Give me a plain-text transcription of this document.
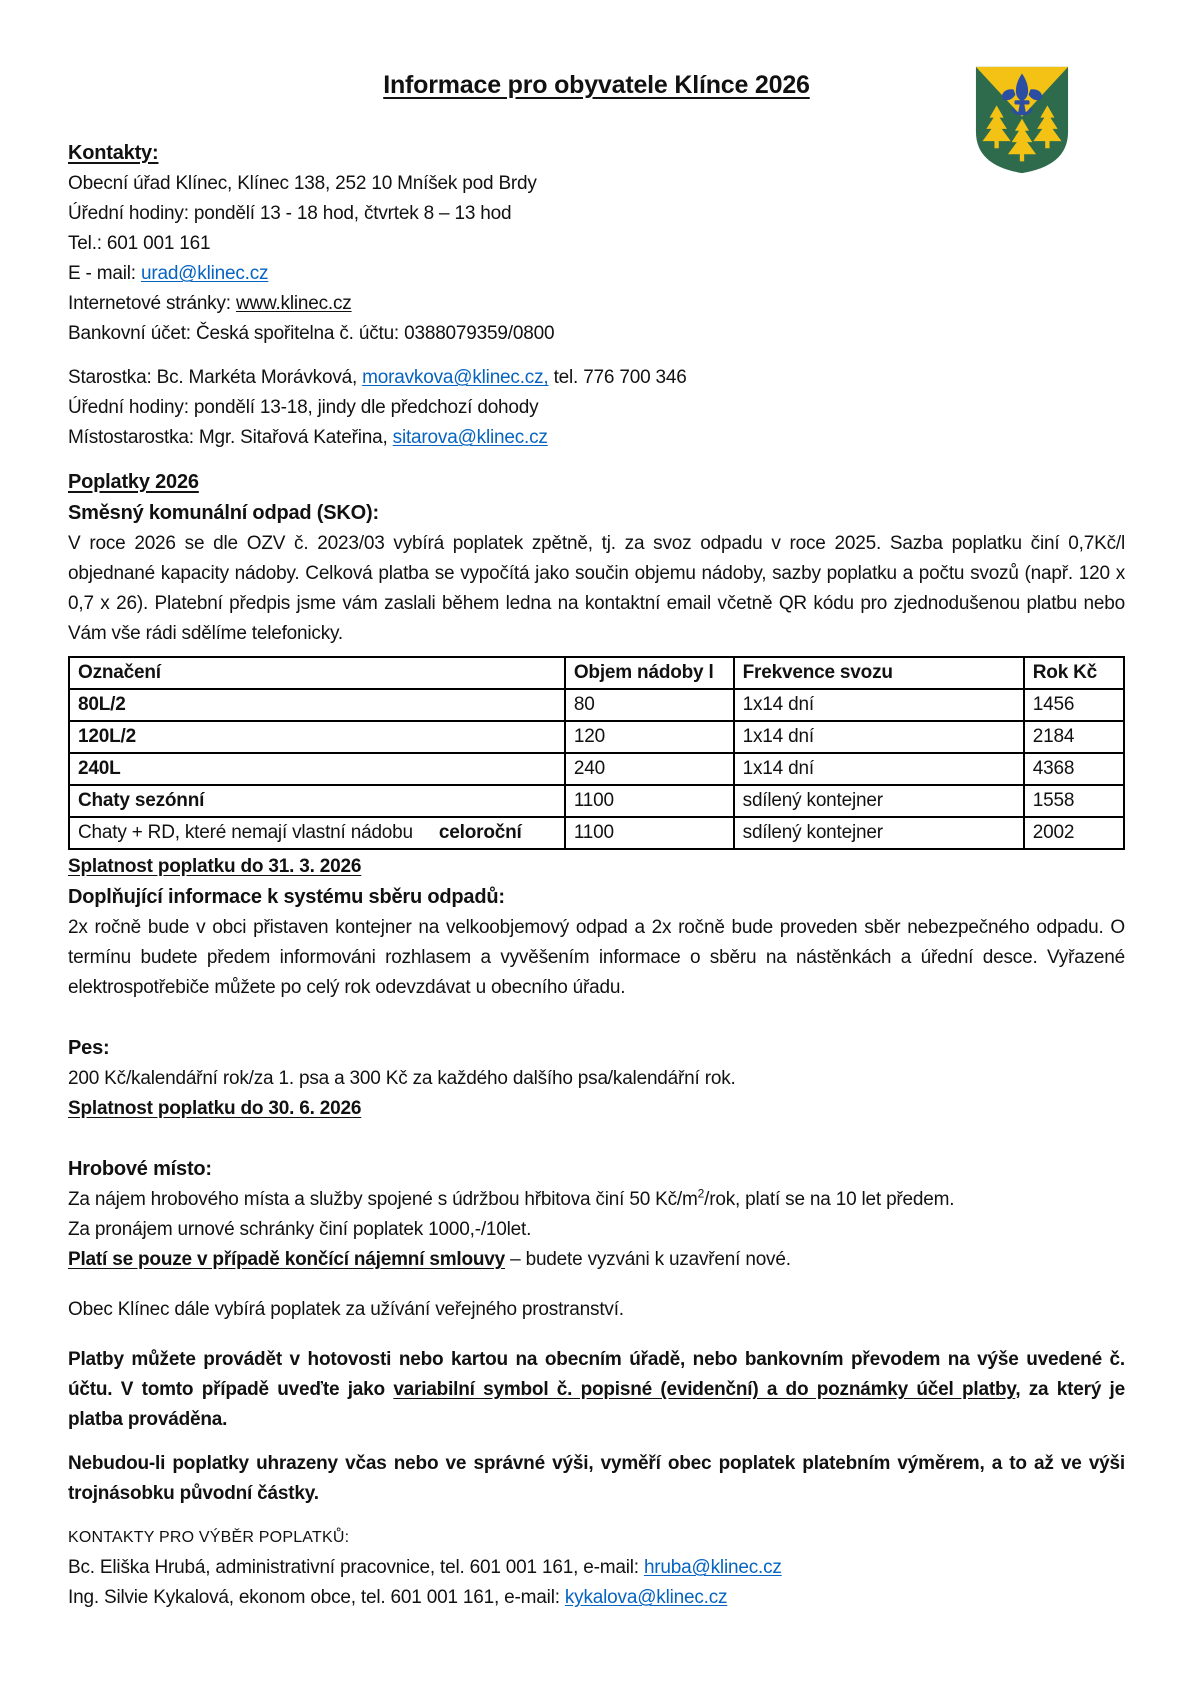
Informace pro obyvatele Klínce 2026

Kontakty:

Obecní úřad Klínec, Klínec 138, 252 10 Mníšek pod Brdy

Úřední hodiny: pondělí 13 - 18 hod, čtvrtek 8 – 13 hod

Tel.: 601 001 161

E - mail: urad@klinec.cz

Internetové stránky: www.klinec.cz

Bankovní účet: Česká spořitelna č. účtu: 0388079359/0800

Starostka: Bc. Markéta Morávková, moravkova@klinec.cz, tel. 776 700 346

Úřední hodiny: pondělí 13-18, jindy dle předchozí dohody

Místostarostka: Mgr. Sitařová Kateřina, sitarova@klinec.cz

Poplatky 2026

Směsný komunální odpad (SKO):

V roce 2026 se dle OZV č. 2023/03 vybírá poplatek zpětně, tj. za svoz odpadu v roce 2025. Sazba poplatku činí 0,7Kč/l objednané kapacity nádoby. Celková platba se vypočítá jako součin objemu nádoby, sazby poplatku a počtu svozů (např. 120 x 0,7 x 26). Platební předpis jsme vám zaslali během ledna na kontaktní email včetně QR kódu pro zjednodušenou platbu nebo Vám vše rádi sdělíme telefonicky.

Označení	Objem nádoby l	Frekvence svozu	Rok Kč
80L/2	80	1x14 dní	1456
120L/2	120	1x14 dní	2184
240L	240	1x14 dní	4368
Chaty sezónní	1100	sdílený kontejner	1558
Chaty + RD, které nemají vlastní nádobu celoroční	1100	sdílený kontejner	2002

Splatnost poplatku do 31. 3. 2026

Doplňující informace k systému sběru odpadů:

2x ročně bude v obci přistaven kontejner na velkoobjemový odpad a 2x ročně bude proveden sběr nebezpečného odpadu. O termínu budete předem informováni rozhlasem a vyvěšením informace o sběru na nástěnkách a úřední desce. Vyřazené elektrospotřebiče můžete po celý rok odevzdávat u obecního úřadu.

Pes:

200 Kč/kalendářní rok/za 1. psa a 300 Kč za každého dalšího psa/kalendářní rok.

Splatnost poplatku do 30. 6. 2026

Hrobové místo:

Za nájem hrobového místa a služby spojené s údržbou hřbitova činí 50 $Kč/m^2$/rok, platí se na 10 let předem.

Za pronájem urnové schránky činí poplatek 1000,-/10let.

Platí se pouze v případě končící nájemní smlouvy – budete vyzváni k uzavření nové.

Obec Klínec dále vybírá poplatek za užívání veřejného prostranství.

Platby můžete provádět v hotovosti nebo kartou na obecním úřadě, nebo bankovním převodem na výše uvedené č. účtu. V tomto případě uveďte jako variabilní symbol č. popisné (evidenční) a do poznámky účel platby, za který je platba prováděna.

Nebudou-li poplatky uhrazeny včas nebo ve správné výši, vyměří obec poplatek platebním výměrem, a to až ve výši trojnásobku původní částky.

KONTAKTY PRO VÝBĚR POPLATKŮ:

Bc. Eliška Hrubá, administrativní pracovnice, tel. 601 001 161, e-mail: hruba@klinec.cz

Ing. Silvie Kykalová, ekonom obce, tel. 601 001 161, e-mail: kykalova@klinec.cz
